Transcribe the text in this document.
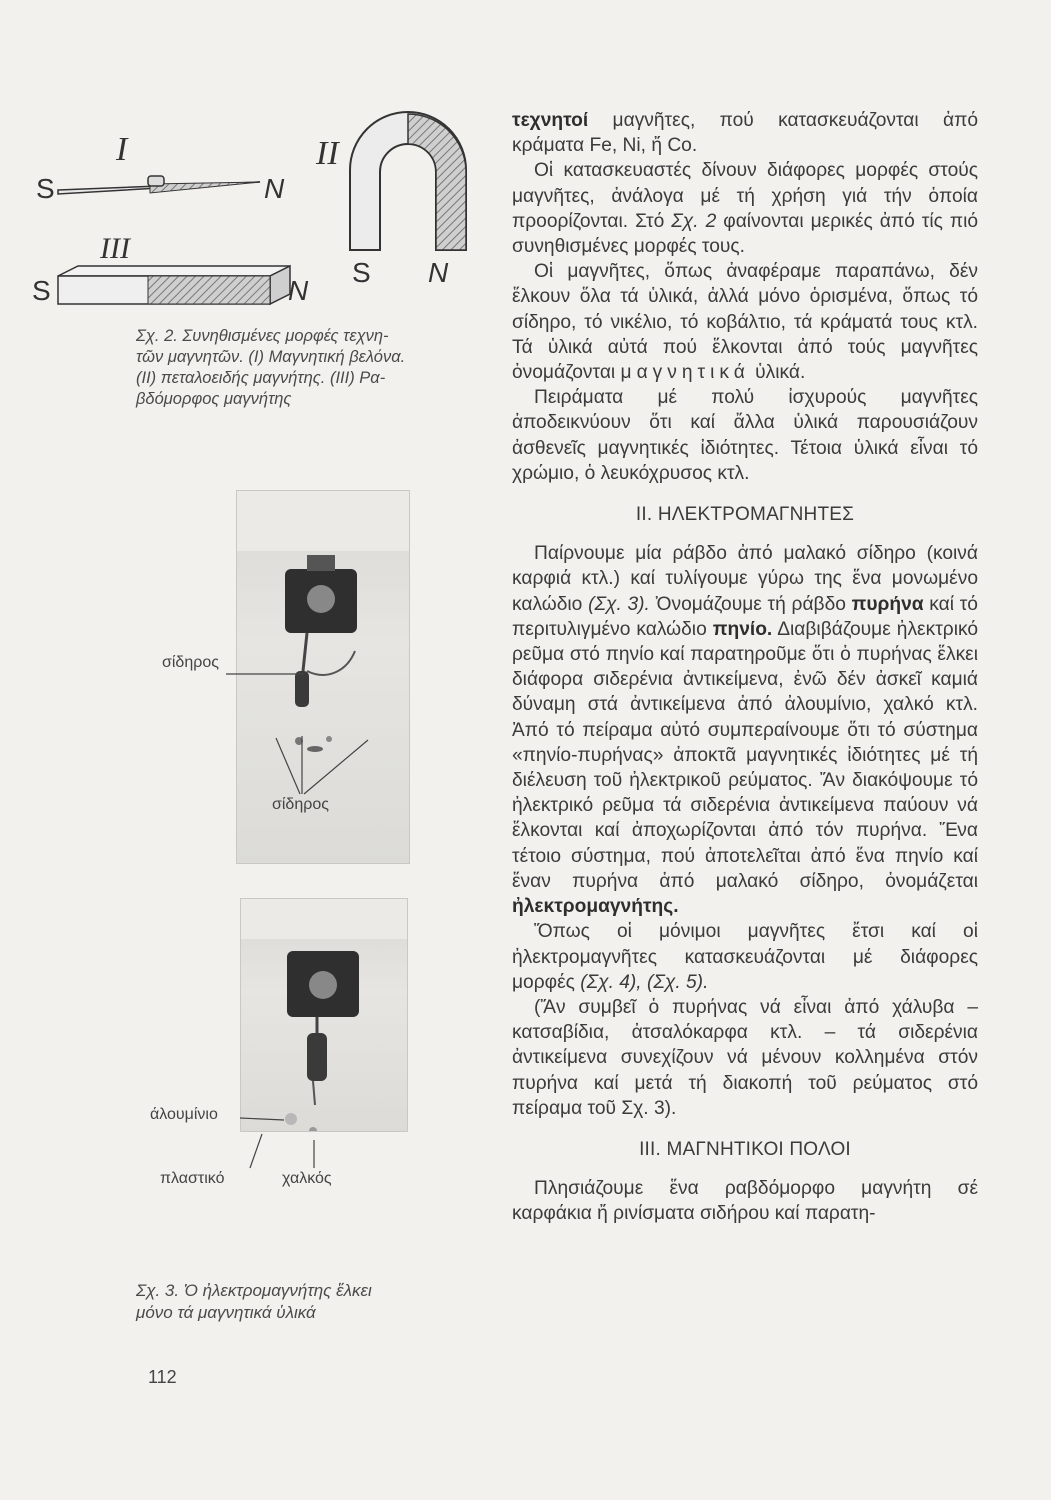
I	II
III
S	N
S N
S	N
Σχ. 2. Συνηθισμένες μορφές τεχνη-
τῶν μαγνητῶν. (I) Μαγνητική βελόνα.
(II) πεταλοειδής μαγνήτης. (III) Ρα-
βδόμορφος μαγνήτης
σίδηρος
σίδηρος
άλουμίνιο
πλαστικό	χαλκός
Σχ. 3. Ὁ ἠλεκτρομαγνήτης ἕλκει
μόνο τά μαγνητικά ὑλικά
112

τεχνητοί μαγνῆτες, πού κατασκευάζονται ἀπό κράματα Fe, Ni, ἤ Co.

Οἱ κατασκευαστές δίνουν διάφορες μορφές στούς μαγνῆτες, ἀνάλογα μέ τή χρήση γιά τήν ὁποία προορίζονται. Στό Σχ. 2 φαίνονται μερικές ἀπό τίς πιό συνηθισμένες μορφές τους.

Οἱ μαγνῆτες, ὅπως ἀναφέραμε παραπάνω, δέν ἕλκουν ὅλα τά ὑλικά, ἀλλά μόνο ὁρισμένα, ὅπως τό σίδηρο, τό νικέλιο, τό κοβάλτιο, τά κράματά τους κτλ. Τά ὑλικά αὐτά πού ἕλκονται ἀπό τούς μαγνῆτες ὀνομάζονται μαγνητικά ὑλικά.

Πειράματα μέ πολύ ἰσχυρούς μαγνῆτες ἀποδεικνύουν ὅτι καί ἄλλα ὑλικά παρουσιάζουν ἀσθενεῖς μαγνητικές ἰδιότητες. Τέτοια ὑλικά εἶναι τό χρώμιο, ὁ λευκόχρυσος κτλ.

II. ΗΛΕΚΤΡΟΜΑΓΝΗΤΕΣ

Παίρνουμε μία ράβδο ἀπό μαλακό σίδηρο (κοινά καρφιά κτλ.) καί τυλίγουμε γύρω της ἕνα μονωμένο καλώδιο (Σχ. 3). Ὀνομάζουμε τή ράβδο πυρήνα καί τό περιτυλιγμένο καλώδιο πηνίο. Διαβιβάζουμε ἠλεκτρικό ρεῦμα στό πηνίο καί παρατηροῦμε ὅτι ὁ πυρήνας ἕλκει διάφορα σιδερένια ἀντικείμενα, ἐνῶ δέν ἀσκεῖ καμιά δύναμη στά ἀντικείμενα ἀπό ἀλουμίνιο, χαλκό κτλ. Ἀπό τό πείραμα αὐτό συμπεραίνουμε ὅτι τό σύστημα «πηνίο-πυρήνας» ἀποκτᾶ μαγνητικές ἰδιότητες μέ τή διέλευση τοῦ ἠλεκτρικοῦ ρεύματος. Ἄν διακόψουμε τό ἠλεκτρικό ρεῦμα τά σιδερένια ἀντικείμενα παύουν νά ἕλκονται καί ἀποχωρίζονται ἀπό τόν πυρήνα. Ἕνα τέτοιο σύστημα, πού ἀποτελεῖται ἀπό ἕνα πηνίο καί ἕναν πυρήνα ἀπό μαλακό σίδηρο, ὀνομάζεται ἠλεκτρομαγνήτης.

Ὅπως οἱ μόνιμοι μαγνῆτες ἔτσι καί οἱ ἠλεκτρομαγνῆτες κατασκευάζονται μέ διάφορες μορφές (Σχ. 4), (Σχ. 5).

(Ἄν συμβεῖ ὁ πυρήνας νά εἶναι ἀπό χάλυβα – κατσαβίδια, ἀτσαλόκαρφα κτλ. – τά σιδερένια ἀντικείμενα συνεχίζουν νά μένουν κολλημένα στόν πυρήνα καί μετά τή διακοπή τοῦ ρεύματος στό πείραμα τοῦ Σχ. 3).

III. ΜΑΓΝΗΤΙΚΟΙ ΠΟΛΟΙ

Πλησιάζουμε ἕνα ραβδόμορφο μαγνήτη σέ καρφάκια ἤ ρινίσματα σιδήρου καί παρατη-
